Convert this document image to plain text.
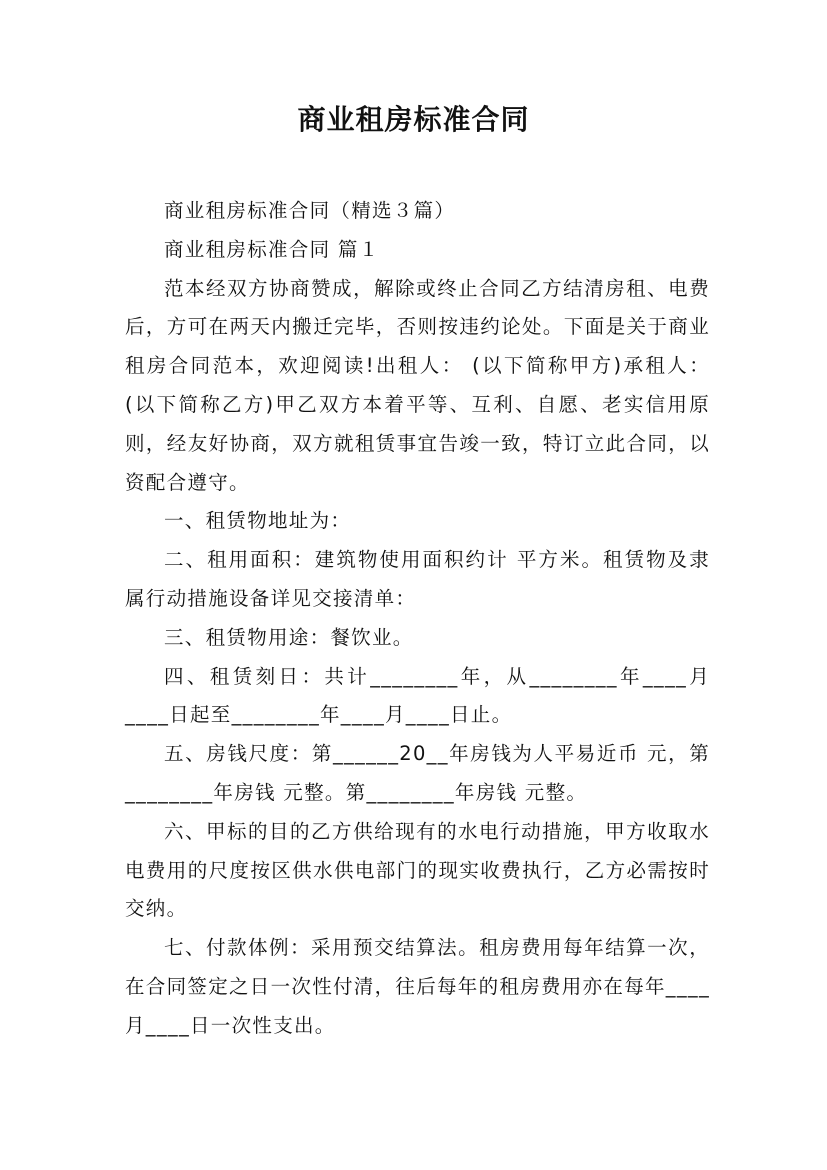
商业租房标准合同

商业租房标准合同（精选３篇）

商业租房标准合同 篇１

范本经双方协商赞成，解除或终止合同乙方结清房租、电费后，方可在两天内搬迁完毕，否则按违约论处。下面是关于商业租房合同范本，欢迎阅读!出租人： (以下简称甲方)承租人： (以下简称乙方)甲乙双方本着平等、互利、自愿、老实信用原则，经友好协商，双方就租赁事宜告竣一致，特订立此合同，以资配合遵守。

一、租赁物地址为：

二、租用面积：建筑物使用面积约计 平方米。租赁物及隶属行动措施设备详见交接清单：

三、租赁物用途：餐饮业。

四、租赁刻日：共计________年，从________年____月____日起至________年____月____日止。

五、房钱尺度：第______20__年房钱为人平易近币 元，第________年房钱 元整。第________年房钱 元整。

六、甲标的目的乙方供给现有的水电行动措施，甲方收取水电费用的尺度按区供水供电部门的现实收费执行，乙方必需按时交纳。

七、付款体例：采用预交结算法。租房费用每年结算一次，在合同签定之日一次性付清，往后每年的租房费用亦在每年____月____日一次性支出。
